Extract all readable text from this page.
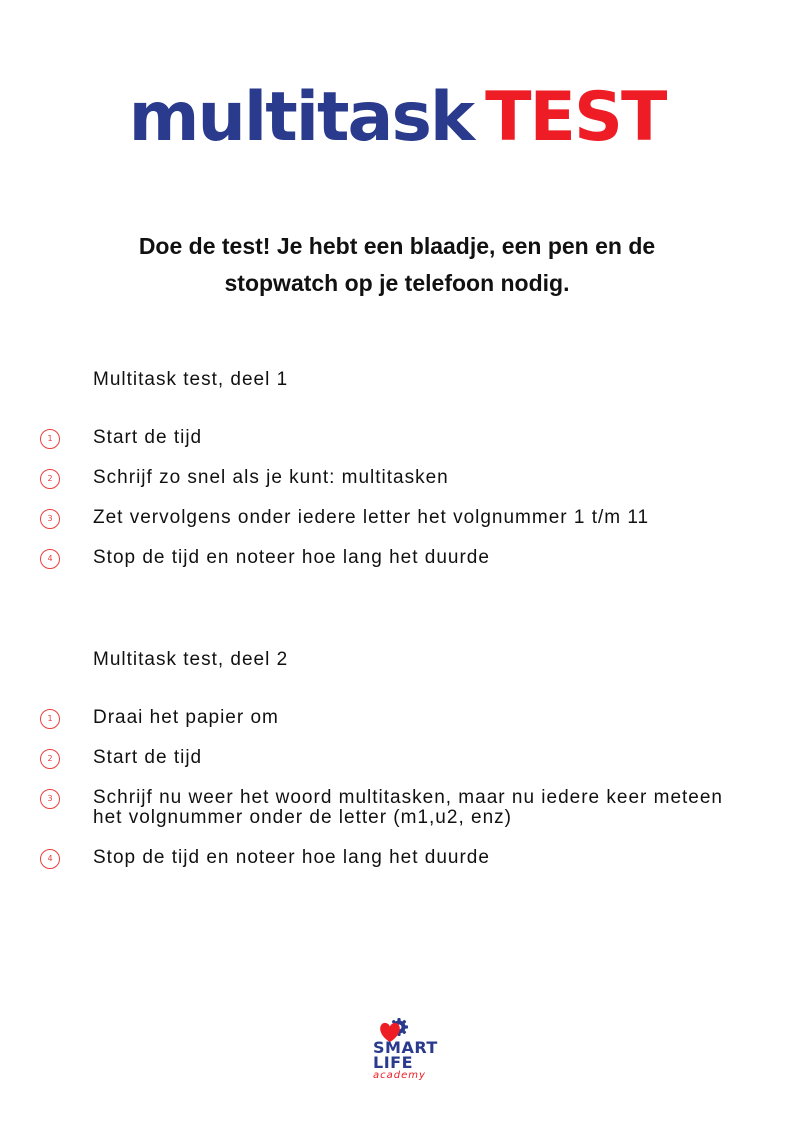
multitask TEST
Doe de test! Je hebt een blaadje, een pen en de
stopwatch op je telefoon nodig.
Multitask test, deel 1
1	Start de tijd
2	Schrijf zo snel als je kunt: multitasken
3	Zet vervolgens onder iedere letter het volgnummer 1 t/m 11
4	Stop de tijd en noteer hoe lang het duurde
Multitask test, deel 2
1	Draai het papier om
2	Start de tijd
3	Schrijf nu weer het woord multitasken, maar nu iedere keer meteen het volgnummer onder de letter (m1,u2, enz)
4	Stop de tijd en noteer hoe lang het duurde
SMART
LIFE
academy
